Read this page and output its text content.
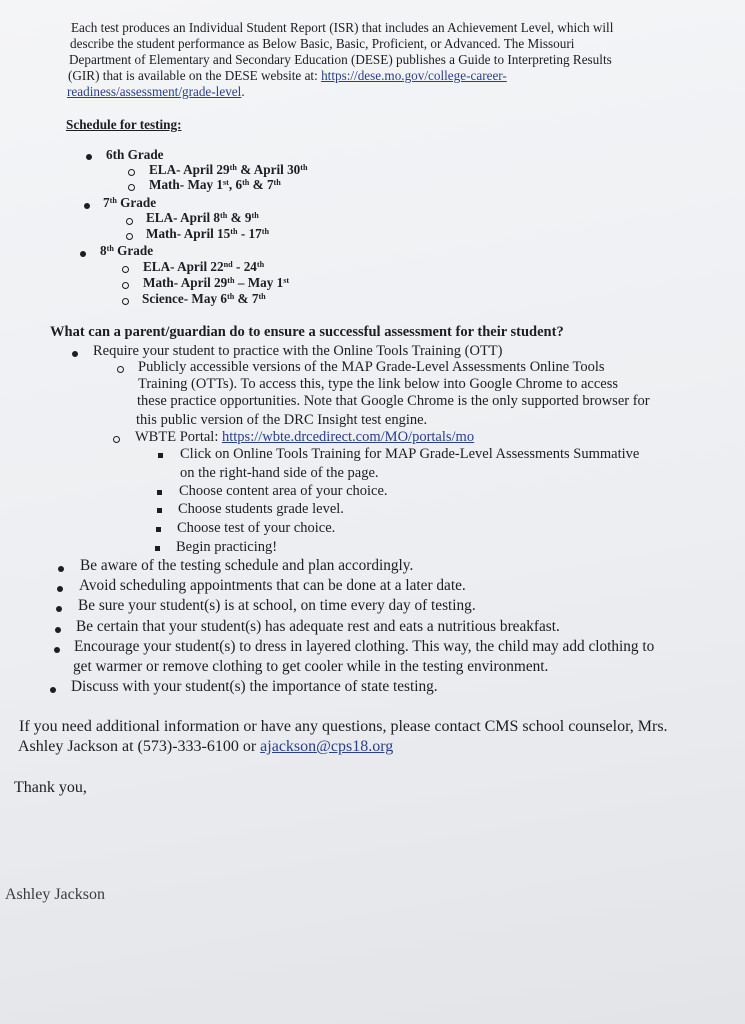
Each test produces an Individual Student Report (ISR) that includes an Achievement Level, which will
describe the student performance as Below Basic, Basic, Proficient, or Advanced. The Missouri
Department of Elementary and Secondary Education (DESE) publishes a Guide to Interpreting Results
(GIR) that is available on the DESE website at: https://dese.mo.gov/college-career-
readiness/assessment/grade-level.
Schedule for testing:
6th Grade
ELA- April 29th & April 30th
Math- May 1st, 6th & 7th
7th Grade
ELA- April 8th & 9th
Math- April 15th - 17th
8th Grade
ELA- April 22nd - 24th
Math- April 29th – May 1st
Science- May 6th & 7th
What can a parent/guardian do to ensure a successful assessment for their student?
Require your student to practice with the Online Tools Training (OTT)
Publicly accessible versions of the MAP Grade-Level Assessments Online Tools
Training (OTTs). To access this, type the link below into Google Chrome to access
these practice opportunities. Note that Google Chrome is the only supported browser for
this public version of the DRC Insight test engine.
WBTE Portal: https://wbte.drcedirect.com/MO/portals/mo
Click on Online Tools Training for MAP Grade-Level Assessments Summative
on the right-hand side of the page.
Choose content area of your choice.
Choose students grade level.
Choose test of your choice.
Begin practicing!
Be aware of the testing schedule and plan accordingly.
Avoid scheduling appointments that can be done at a later date.
Be sure your student(s) is at school, on time every day of testing.
Be certain that your student(s) has adequate rest and eats a nutritious breakfast.
Encourage your student(s) to dress in layered clothing. This way, the child may add clothing to
get warmer or remove clothing to get cooler while in the testing environment.
Discuss with your student(s) the importance of state testing.
If you need additional information or have any questions, please contact CMS school counselor, Mrs.
Ashley Jackson at (573)-333-6100 or ajackson@cps18.org
Thank you,
Ashley Jackson
